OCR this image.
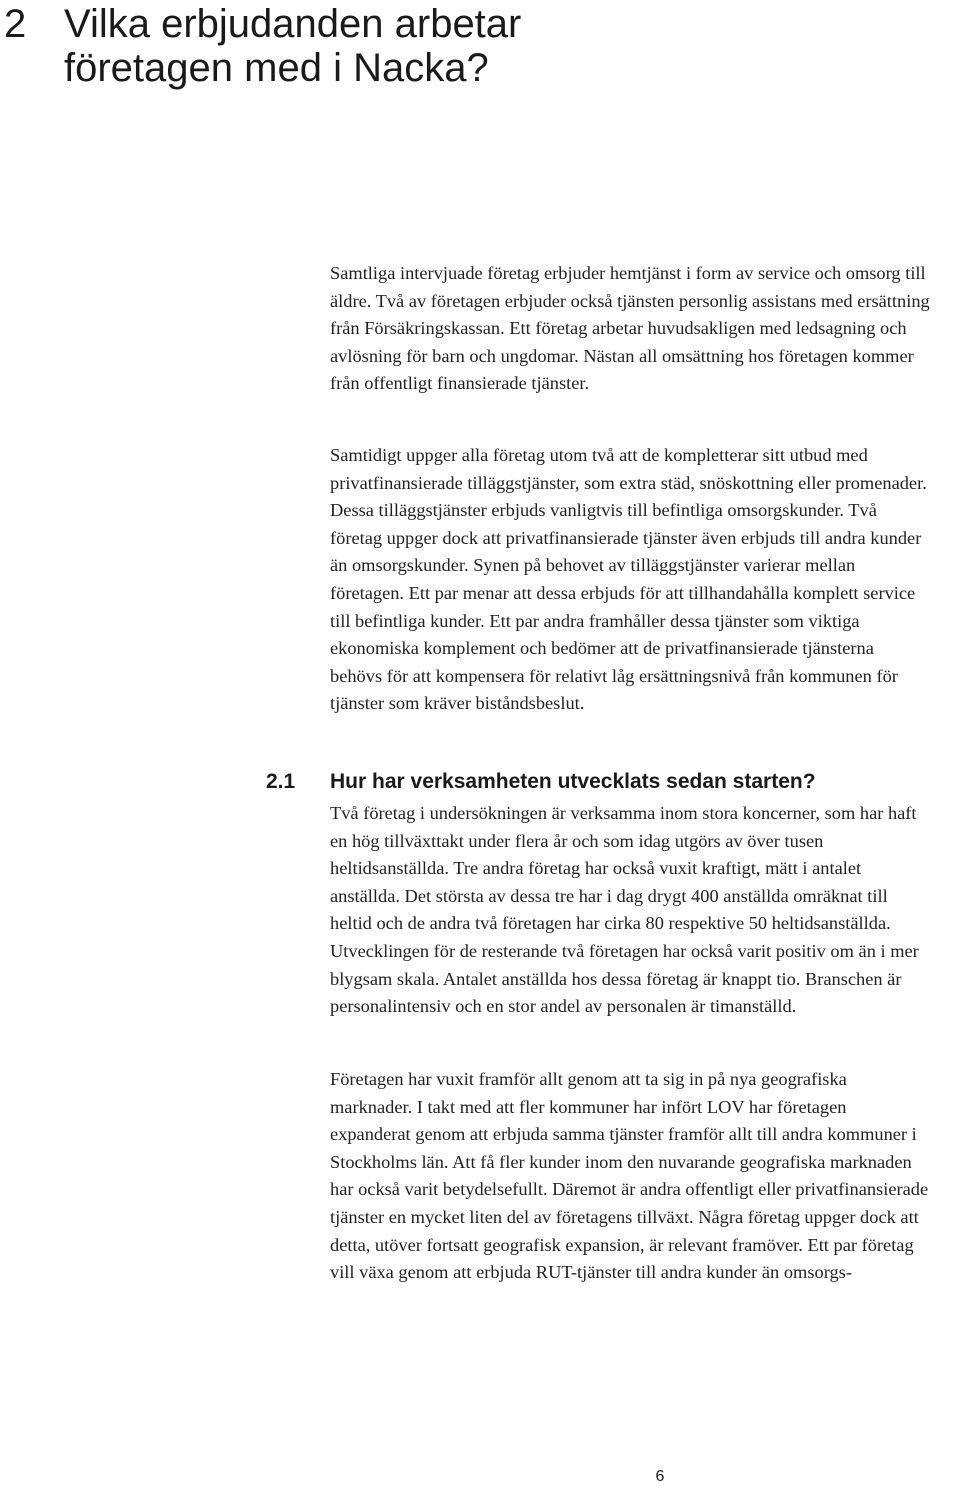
2 Vilka erbjudanden arbetar företagen med i Nacka?

Samtliga intervjuade företag erbjuder hemtjänst i form av service och omsorg till äldre. Två av företagen erbjuder också tjänsten personlig assistans med ersättning från Försäkringskassan. Ett företag arbetar huvudsakligen med ledsagning och avlösning för barn och ungdomar. Nästan all omsättning hos företagen kommer från offentligt finansierade tjänster.

Samtidigt uppger alla företag utom två att de kompletterar sitt utbud med privatfinansierade tilläggstjänster, som extra städ, snöskottning eller promenader. Dessa tilläggstjänster erbjuds vanligtvis till befintliga omsorgskunder. Två företag uppger dock att privatfinansierade tjänster även erbjuds till andra kunder än omsorgskunder. Synen på behovet av tilläggstjänster varierar mellan företagen. Ett par menar att dessa erbjuds för att tillhandahålla komplett service till befintliga kunder. Ett par andra framhåller dessa tjänster som viktiga ekonomiska komplement och bedömer att de privatfinansierade tjänsterna behövs för att kompensera för relativt låg ersättningsnivå från kommunen för tjänster som kräver biståndsbeslut.

2.1 Hur har verksamheten utvecklats sedan starten?

Två företag i undersökningen är verksamma inom stora koncerner, som har haft en hög tillväxttakt under flera år och som idag utgörs av över tusen heltidsanställda. Tre andra företag har också vuxit kraftigt, mätt i antalet anställda. Det största av dessa tre har i dag drygt 400 anställda omräknat till heltid och de andra två företagen har cirka 80 respektive 50 heltidsanställda. Utvecklingen för de resterande två företagen har också varit positiv om än i mer blygsam skala. Antalet anställda hos dessa företag är knappt tio. Branschen är personalintensiv och en stor andel av personalen är timanställd.

Företagen har vuxit framför allt genom att ta sig in på nya geografiska marknader. I takt med att fler kommuner har infört LOV har företagen expanderat genom att erbjuda samma tjänster framför allt till andra kommuner i Stockholms län. Att få fler kunder inom den nuvarande geografiska marknaden har också varit betydelsefullt. Däremot är andra offentligt eller privatfinansierade tjänster en mycket liten del av företagens tillväxt. Några företag uppger dock att detta, utöver fortsatt geografisk expansion, är relevant framöver. Ett par företag vill växa genom att erbjuda RUT-tjänster till andra kunder än omsorgs-

6
